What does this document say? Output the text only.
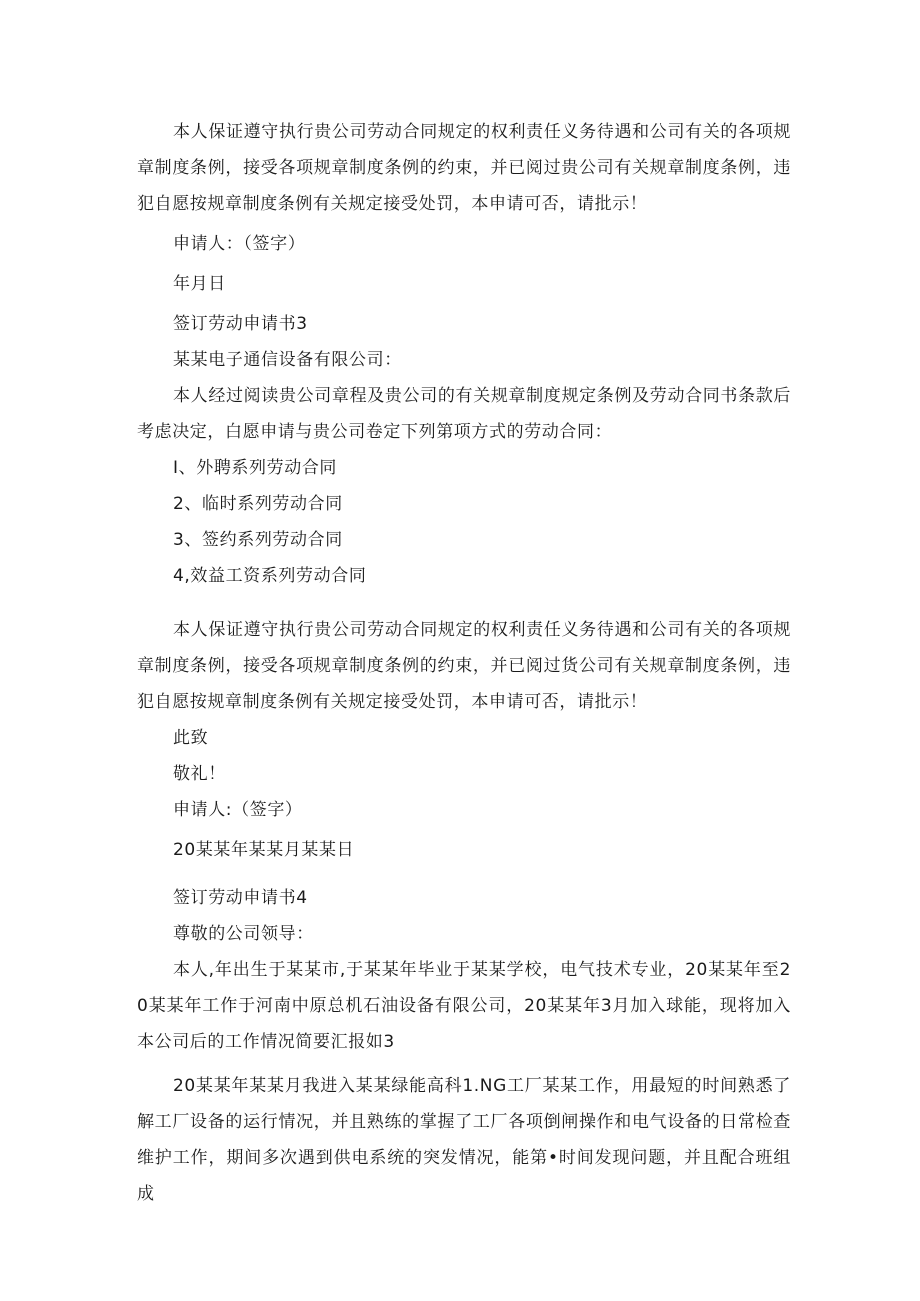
本人保证遵守执行贵公司劳动合同规定的权利责任义务待遇和公司有关的各项规章制度条例，接受各项规章制度条例的约束，并已阅过贵公司有关规章制度条例，违犯自愿按规章制度条例有关规定接受处罚，本申请可否，请批示！

申请人：（签字）

年月日

签订劳动申请书3

某某电子通信设备有限公司：

本人经过阅读贵公司章程及贵公司的有关规章制度规定条例及劳动合同书条款后考虑决定，白愿申请与贵公司卷定下列第项方式的劳动合同：

I、外聘系列劳动合同

2、临时系列劳动合同

3、签约系列劳动合同

4,效益工资系列劳动合同

本人保证遵守执行贵公司劳动合同规定的权利责任义务待遇和公司有关的各项规章制度条例，接受各项规章制度条例的约束，并已阅过货公司有关规章制度条例，违犯自愿按规章制度条例有关规定接受处罚，本申请可否，请批示！

此致

敬礼！

申请人:（签字）

20某某年某某月某某日

签订劳动申请书4

尊敬的公司领导：

本人,年出生于某某市,于某某年毕业于某某学校，电气技术专业，20某某年至20某某年工作于河南中原总机石油设备有限公司，20某某年3月加入球能，现将加入本公司后的工作情况简要汇报如3

20某某年某某月我进入某某绿能高科1.NG工厂某某工作，用最短的时间熟悉了解工厂设备的运行情况，并且熟练的掌握了工厂各项倒闸操作和电气设备的日常检查维护工作，期间多次遇到供电系统的突发情况，能第•时间发现问题，并且配合班组成
